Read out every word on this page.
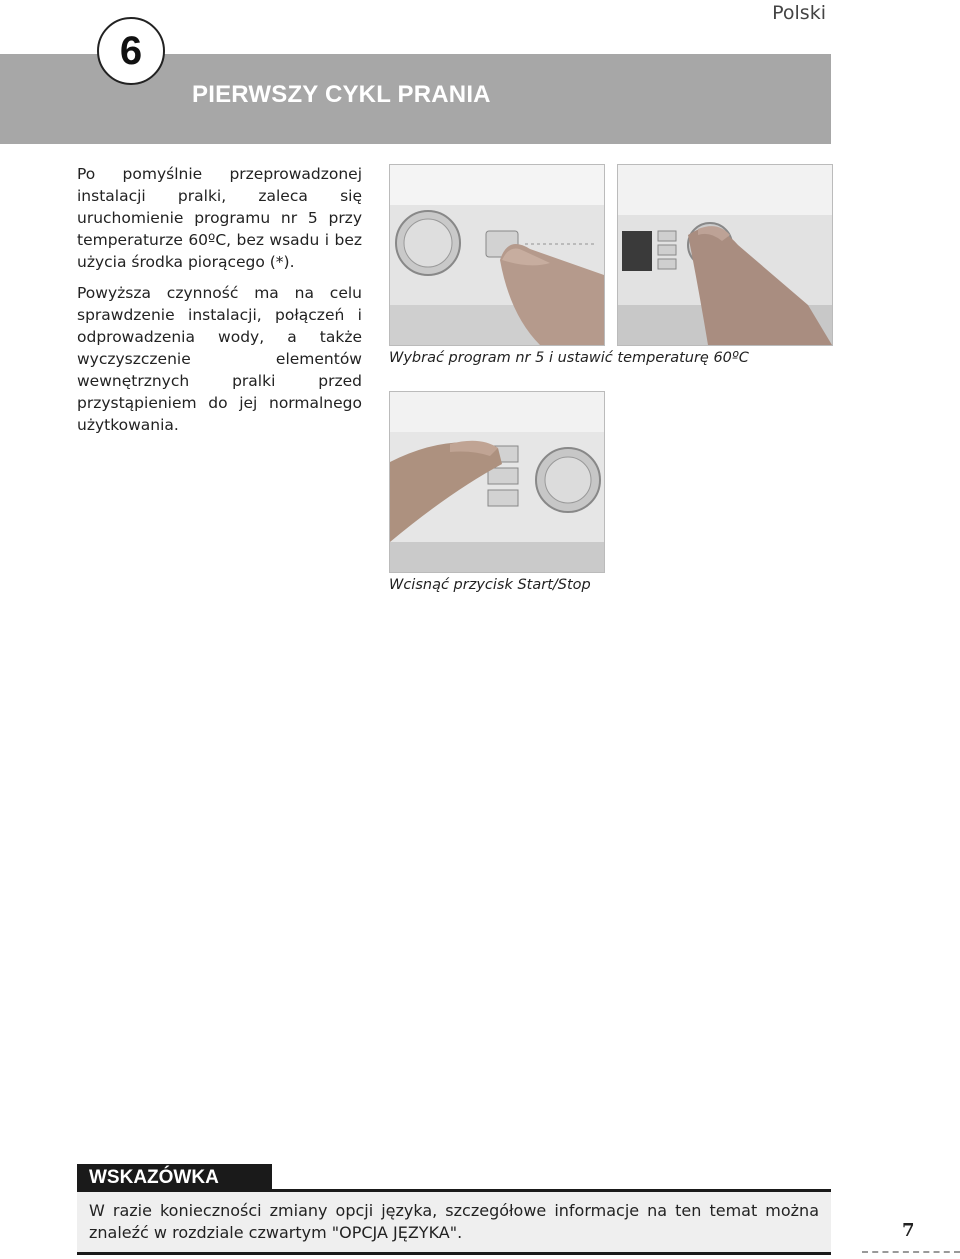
Polski
6
PIERWSZY CYKL PRANIA

Po pomyślnie przeprowadzonej instalacji pralki, zaleca się uruchomienie programu nr 5 przy temperaturze 60ºC, bez wsadu i bez użycia środka piorącego (*).

Powyższa czynność ma na celu sprawdzenie instalacji, połączeń i odprowadzenia wody, a także wyczyszczenie elementów wewnętrznych pralki przed przystąpieniem do jej normalnego użytkowania.

Wybrać program nr 5 i ustawić temperaturę 60ºC
Wcisnąć przycisk Start/Stop
WSKAZÓWKA
W razie konieczności zmiany opcji języka, szczegółowe informacje na ten temat można znaleźć w rozdziale czwartym "OPCJA JĘZYKA".	7
